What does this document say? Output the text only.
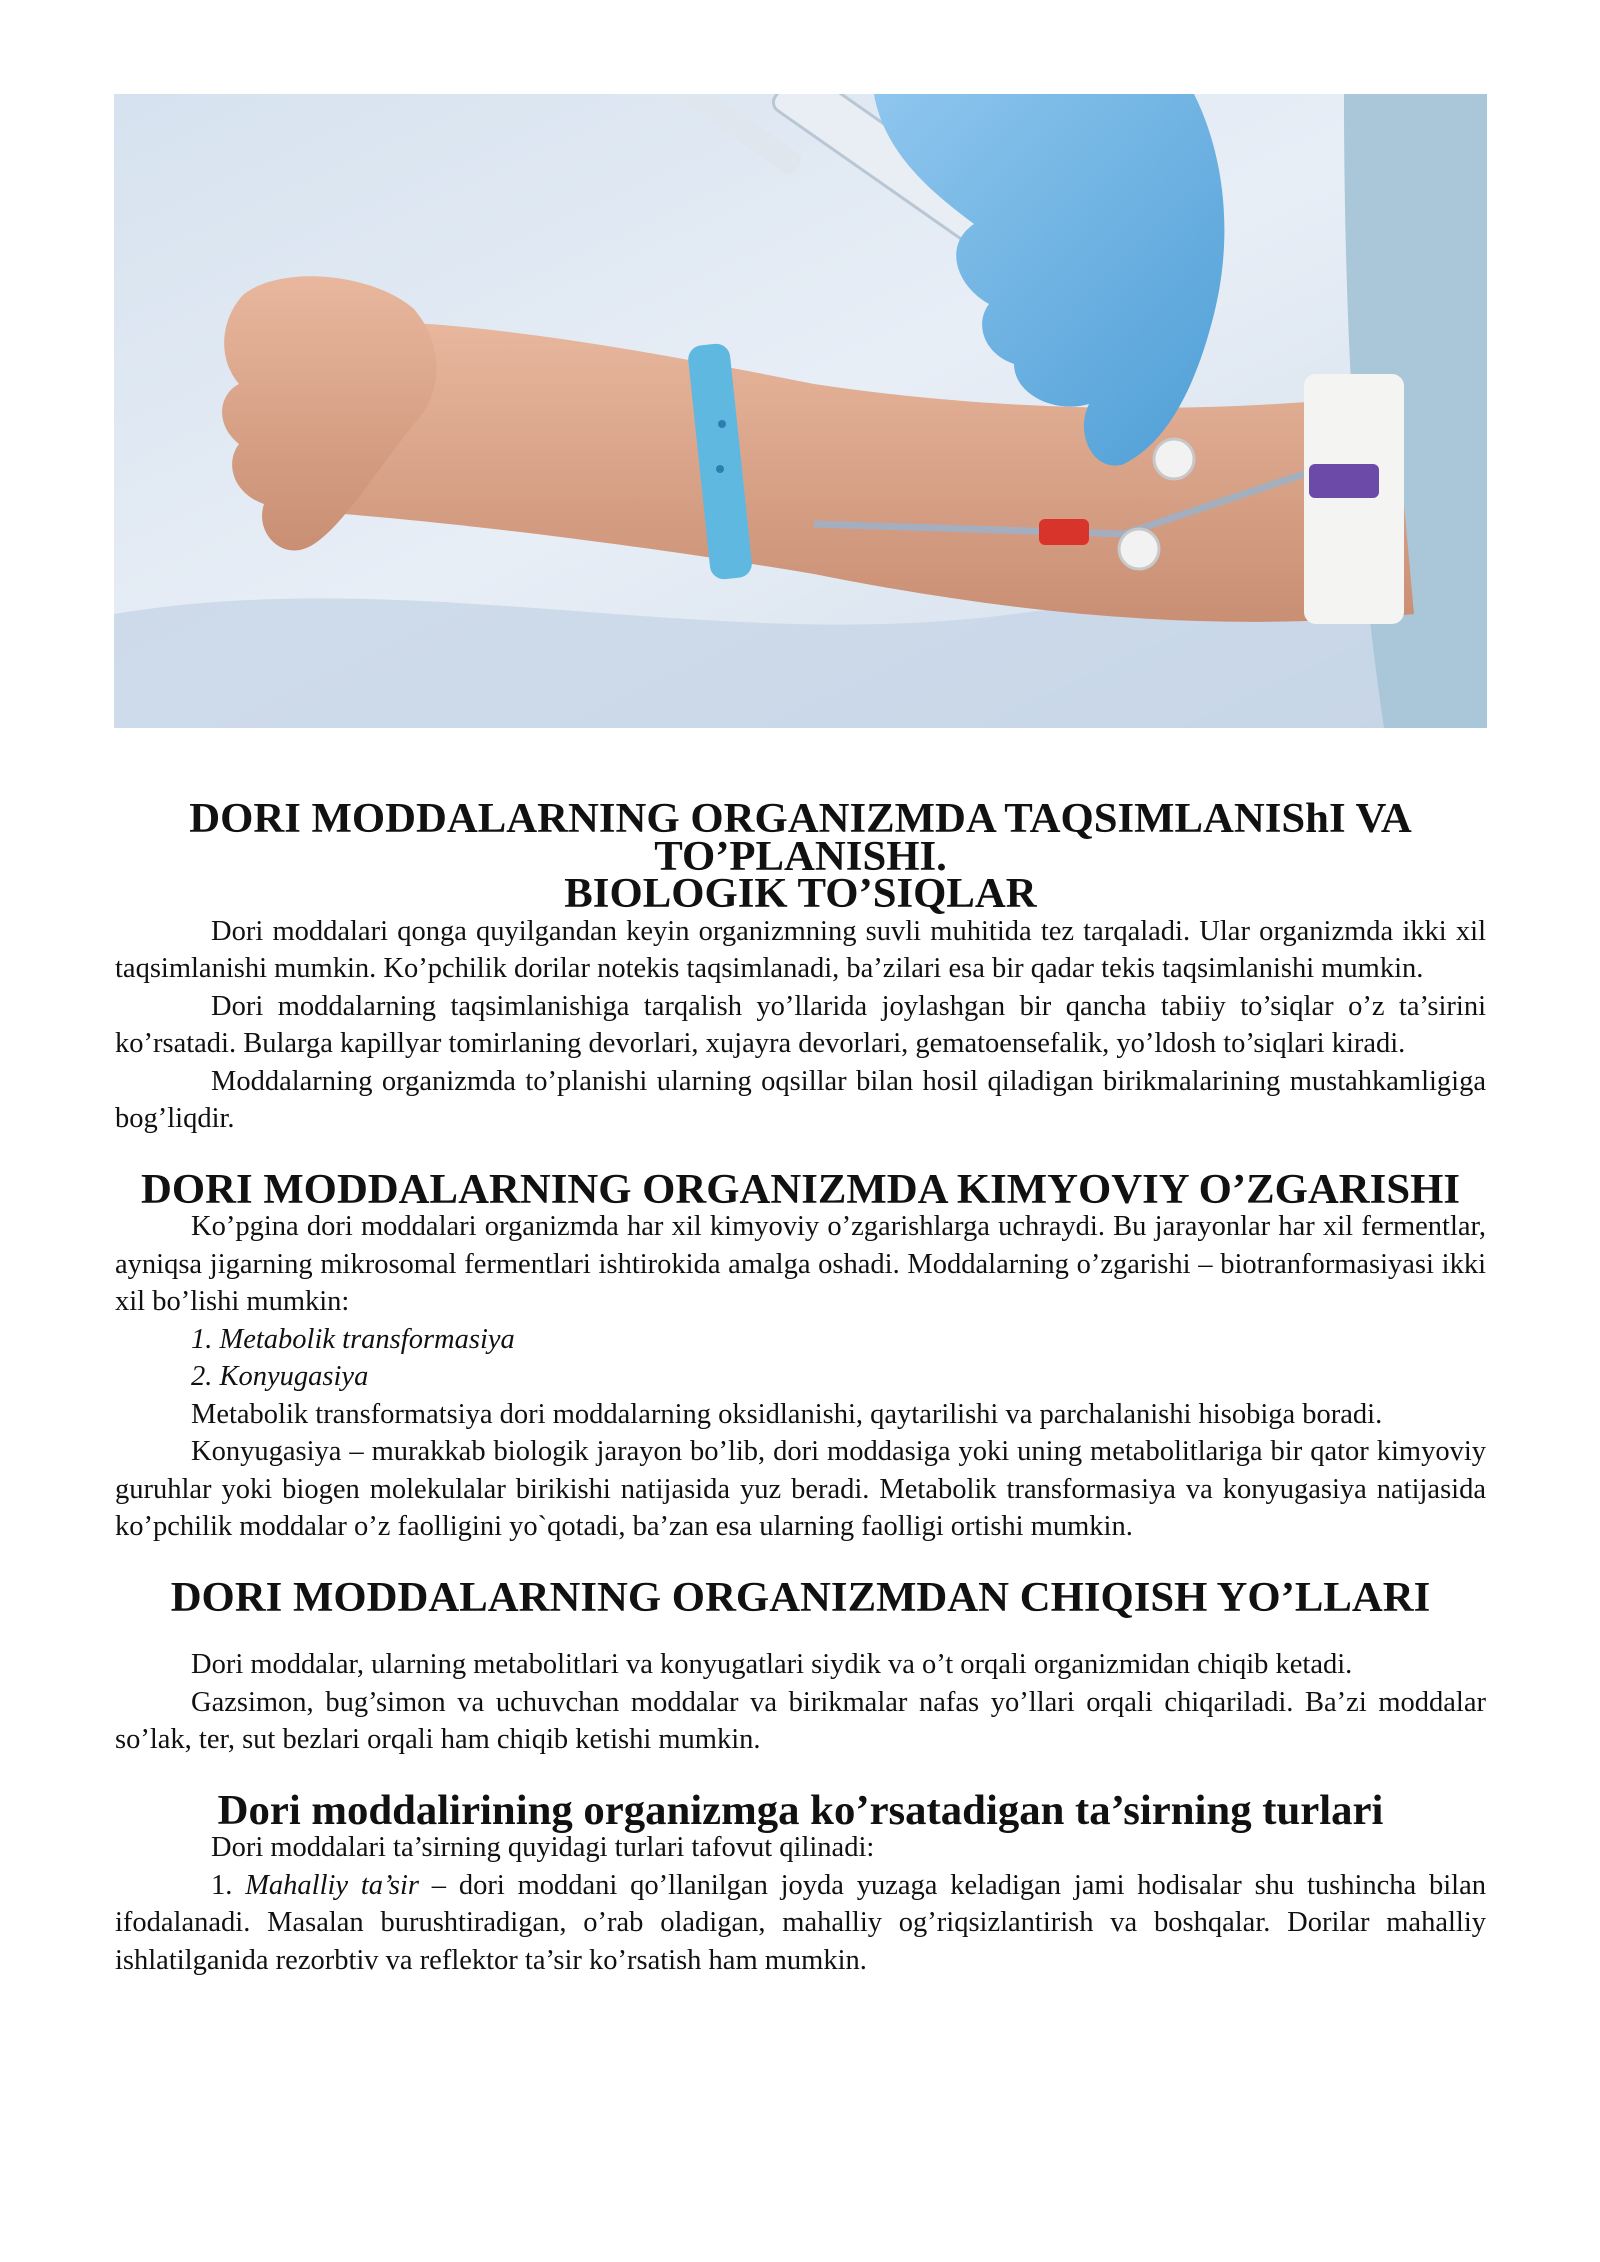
DORI MODDALARNING ORGANIZMDA TAQSIMLANIShI VA TO’PLANISHI.
BIOLOGIK TO’SIQLAR

Dori moddalari qonga quyilgandan keyin organizmning suvli muhitida tez tarqaladi. Ular organizmda ikki xil taqsimlanishi mumkin. Ko’pchilik dorilar notekis taqsimlanadi, ba’zilari esa bir qadar tekis taqsimlanishi mumkin.

Dori moddalarning taqsimlanishiga tarqalish yo’llarida joylashgan bir qancha tabiiy to’siqlar o’z ta’sirini ko’rsatadi. Bularga kapillyar tomirlaning devorlari, xujayra devorlari, gematoensefalik, yo’ldosh to’siqlari kiradi.

Moddalarning organizmda to’planishi ularning oqsillar bilan hosil qiladigan birikmalarining mustahkamligiga bog’liqdir.

DORI MODDALARNING ORGANIZMDA KIMYOVIY O’ZGARISHI

Ko’pgina dori moddalari organizmda har xil kimyoviy o’zgarishlarga uchraydi. Bu jarayonlar har xil fermentlar, ayniqsa jigarning mikrosomal fermentlari ishtirokida amalga oshadi. Moddalarning o’zgarishi – biotranformasiyasi ikki xil bo’lishi mumkin:

1. Metabolik transformasiya
2. Konyugasiya

Metabolik transformatsiya dori moddalarning oksidlanishi, qaytarilishi va parchalanishi hisobiga boradi.

Konyugasiya – murakkab biologik jarayon bo’lib, dori moddasiga yoki uning metabolitlariga bir qator kimyoviy guruhlar yoki biogen molekulalar birikishi natijasida yuz beradi. Metabolik transformasiya va konyugasiya natijasida ko’pchilik moddalar o’z faolligini yo`qotadi, ba’zan esa ularning faolligi ortishi mumkin.

DORI MODDALARNING ORGANIZMDAN CHIQISH YO’LLARI

Dori moddalar, ularning metabolitlari va konyugatlari siydik va o’t orqali organizmidan chiqib ketadi.

Gazsimon, bug’simon va uchuvchan moddalar va birikmalar nafas yo’llari orqali chiqariladi. Ba’zi moddalar so’lak, ter, sut bezlari orqali ham chiqib ketishi mumkin.

Dori moddalirining organizmga ko’rsatadigan ta’sirning turlari

Dori moddalari ta’sirning quyidagi turlari tafovut qilinadi:

1. Mahalliy ta’sir – dori moddani qo’llanilgan joyda yuzaga keladigan jami hodisalar shu tushincha bilan ifodalanadi. Masalan burushtiradigan, o’rab oladigan, mahalliy og’riqsizlantirish va boshqalar. Dorilar mahalliy ishlatilganida rezorbtiv va reflektor ta’sir ko’rsatish ham mumkin.
